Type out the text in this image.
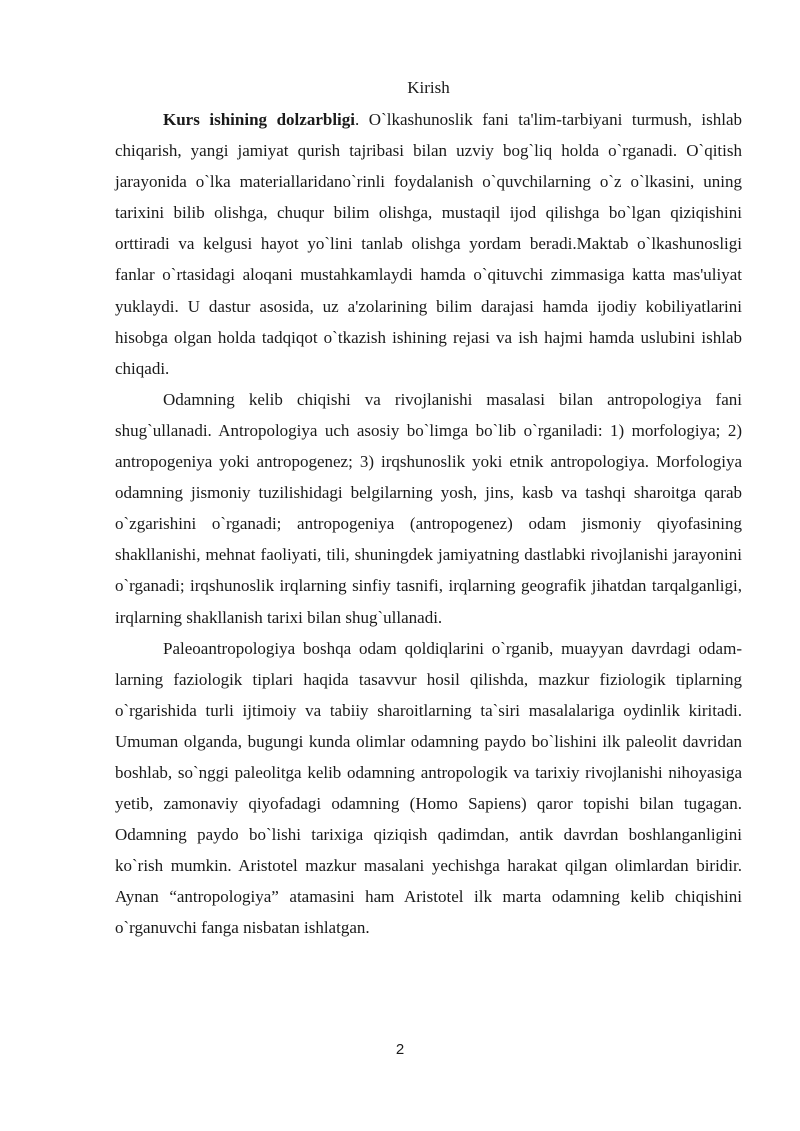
Kirish

Kurs ishining dolzarbligi. O`lkashunoslik fani ta'lim-tarbiyani turmush, ishlab chiqarish, yangi jamiyat qurish tajribasi bilan uzviy bog`liq holda o`rganadi. O`qitish jarayonida o`lka materiallaridano`rinli foydalanish o`quvchilarning o`z o`lkasini, uning tarixini bilib olishga, chuqur bilim olishga, mustaqil ijod qilishga bo`lgan qiziqishini orttiradi va kelgusi hayot yo`lini tanlab olishga yordam beradi.Maktab o`lkashunosligi fanlar o`rtasidagi aloqani mustahkamlaydi hamda o`qituvchi zimmasiga katta mas'uliyat yuklaydi. U dastur asosida, uz a'zolarining bilim darajasi hamda ijodiy kobiliyatlarini hisobga olgan holda tadqiqot o`tkazish ishining rejasi va ish hajmi hamda uslubini ishlab chiqadi.

Odamning kelib chiqishi va rivojlanishi masalasi bilan antropologiya fani shug`ullanadi. Antropologiya uch asosiy bo`limga bo`lib o`rganiladi: 1) morfologiya; 2) antropogeniya yoki antropogenez; 3) irqshunoslik yoki etnik antropologiya. Morfologiya odamning jismoniy tuzilishidagi belgilarning yosh, jins, kasb va tashqi sharoitga qarab o`zgarishini o`rganadi; antropogeniya (antropogenez) odam jismoniy qiyofasining shakllanishi, mehnat faoliyati, tili, shuningdek jamiyatning dastlabki rivojlanishi jarayonini o`rganadi; irqshunoslik irqlarning sinfiy tasnifi, irqlarning geografik jihatdan tarqalganligi, irqlarning shakllanish tarixi bilan shug`ullanadi.

Paleoantropologiya boshqa odam qoldiqlarini o`rganib, muayyan davrdagi odam-larning faziologik tiplari haqida tasavvur hosil qilishda, mazkur fiziologik tiplarning o`rgarishida turli ijtimoiy va tabiiy sharoitlarning ta`siri masalalariga oydinlik kiritadi. Umuman olganda, bugungi kunda olimlar odamning paydo bo`lishini ilk paleolit davridan boshlab, so`nggi paleolitga kelib odamning antropologik va tarixiy rivojlanishi nihoyasiga yetib, zamonaviy qiyofadagi odamning (Homo Sapiens) qaror topishi bilan tugagan. Odamning paydo bo`lishi tarixiga qiziqish qadimdan, antik davrdan boshlanganligini ko`rish mumkin. Aristotel mazkur masalani yechishga harakat qilgan olimlardan biridir. Aynan “antropologiya” atamasini ham Aristotel ilk marta odamning kelib chiqishini o`rganuvchi fanga nisbatan ishlatgan.

2
